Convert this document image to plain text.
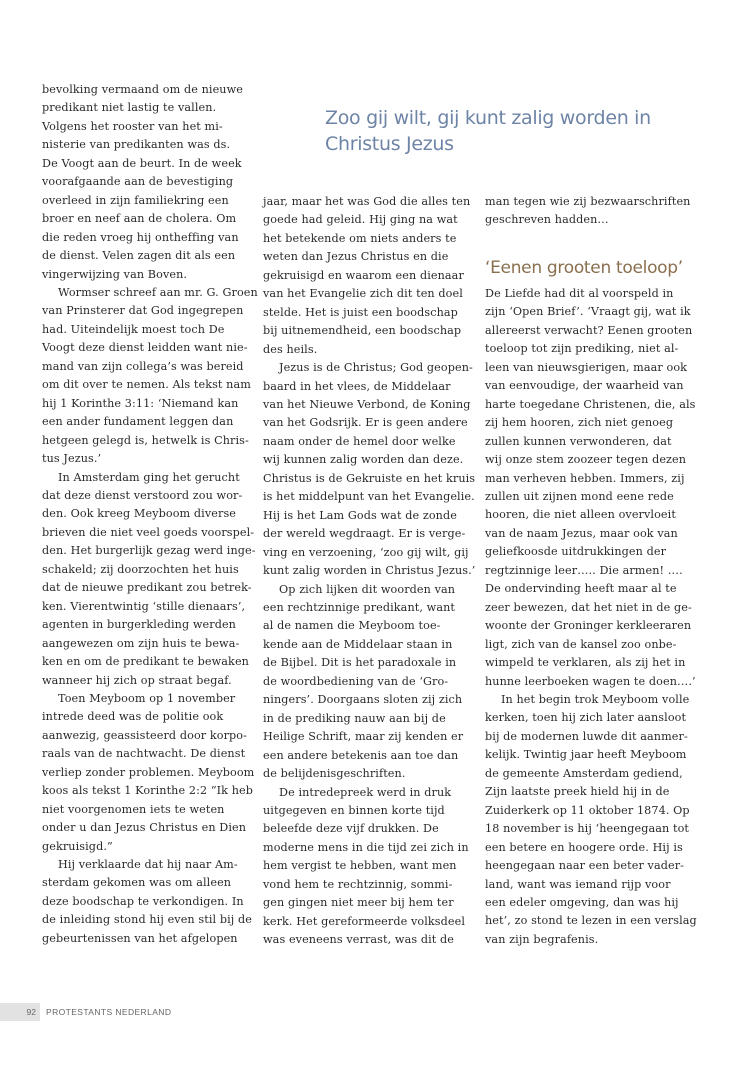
Zoo gij wilt, gij kunt zalig worden in
Christus Jezus
bevolking vermaand om de nieuwe
predikant niet lastig te vallen.
Volgens het rooster van het mi-
nisterie van predikanten was ds.
De Voogt aan de beurt. In de week
voorafgaande aan de bevestiging
overleed in zijn familiekring een
broer en neef aan de cholera. Om
die reden vroeg hij ontheffing van
de dienst. Velen zagen dit als een
vingerwijzing van Boven.
Wormser schreef aan mr. G. Groen
van Prinsterer dat God ingegrepen
had. Uiteindelijk moest toch De
Voogt deze dienst leidden want nie-
mand van zijn collega’s was bereid
om dit over te nemen. Als tekst nam
hij 1 Korinthe 3:11: ‘Niemand kan
een ander fundament leggen dan
hetgeen gelegd is, hetwelk is Chris-
tus Jezus.’
In Amsterdam ging het gerucht
dat deze dienst verstoord zou wor-
den. Ook kreeg Meyboom diverse
brieven die niet veel goeds voorspel-
den. Het burgerlijk gezag werd inge-
schakeld; zij doorzochten het huis
dat de nieuwe predikant zou betrek-
ken. Vierentwintig ‘stille dienaars’,
agenten in burgerkleding werden
aangewezen om zijn huis te bewa-
ken en om de predikant te bewaken
wanneer hij zich op straat begaf.
Toen Meyboom op 1 november
intrede deed was de politie ook
aanwezig, geassisteerd door korpo-
raals van de nachtwacht. De dienst
verliep zonder problemen. Meyboom
koos als tekst 1 Korinthe 2:2 “Ik heb
niet voorgenomen iets te weten
onder u dan Jezus Christus en Dien
gekruisigd.”
Hij verklaarde dat hij naar Am-
sterdam gekomen was om alleen
deze boodschap te verkondigen. In
de inleiding stond hij even stil bij de
gebeurtenissen van het afgelopen
jaar, maar het was God die alles ten
goede had geleid. Hij ging na wat
het betekende om niets anders te
weten dan Jezus Christus en die
gekruisigd en waarom een dienaar
van het Evangelie zich dit ten doel
stelde. Het is juist een boodschap
bij uitnemendheid, een boodschap
des heils.
Jezus is de Christus; God geopen-
baard in het vlees, de Middelaar
van het Nieuwe Verbond, de Koning
van het Godsrijk. Er is geen andere
naam onder de hemel door welke
wij kunnen zalig worden dan deze.
Christus is de Gekruiste en het kruis
is het middelpunt van het Evangelie.
Hij is het Lam Gods wat de zonde
der wereld wegdraagt. Er is verge-
ving en verzoening, ‘zoo gij wilt, gij
kunt zalig worden in Christus Jezus.’
Op zich lijken dit woorden van
een rechtzinnige predikant, want
al de namen die Meyboom toe-
kende aan de Middelaar staan in
de Bijbel. Dit is het paradoxale in
de woordbediening van de ‘Gro-
ningers’. Doorgaans sloten zij zich
in de prediking nauw aan bij de
Heilige Schrift, maar zij kenden er
een andere betekenis aan toe dan
de belijdenisgeschriften.
De intredepreek werd in druk
uitgegeven en binnen korte tijd
beleefde deze vijf drukken. De
moderne mens in die tijd zei zich in
hem vergist te hebben, want men
vond hem te rechtzinnig, sommi-
gen gingen niet meer bij hem ter
kerk. Het gereformeerde volksdeel
was eveneens verrast, was dit de
man tegen wie zij bezwaarschriften
geschreven hadden…
De Liefde had dit al voorspeld in
zijn ‘Open Brief’. ‘Vraagt gij, wat ik
allereerst verwacht? Eenen grooten
toeloop tot zijn prediking, niet al-
leen van nieuwsgierigen, maar ook
van eenvoudige, der waarheid van
harte toegedane Christenen, die, als
zij hem hooren, zich niet genoeg
zullen kunnen verwonderen, dat
wij onze stem zoozeer tegen dezen
man verheven hebben. Immers, zij
zullen uit zijnen mond eene rede
hooren, die niet alleen overvloeit
van de naam Jezus, maar ook van
geliefkoosde uitdrukkingen der
regtzinnige leer….. Die armen! ….
De ondervinding heeft maar al te
zeer bewezen, dat het niet in de ge-
woonte der Groninger kerkleeraren
ligt, zich van de kansel zoo onbe-
wimpeld te verklaren, als zij het in
hunne leerboeken wagen te doen….’
In het begin trok Meyboom volle
kerken, toen hij zich later aansloot
bij de modernen luwde dit aanmer-
kelijk. Twintig jaar heeft Meyboom
de gemeente Amsterdam gediend,
Zijn laatste preek hield hij in de
Zuiderkerk op 11 oktober 1874. Op
18 november is hij ‘heengegaan tot
een betere en hoogere orde. Hij is
heengegaan naar een beter vader-
land, want was iemand rijp voor
een edeler omgeving, dan was hij
het’, zo stond te lezen in een verslag
van zijn begrafenis.
‘Eenen grooten toeloop’
92 PROTESTANTS NEDERLAND
